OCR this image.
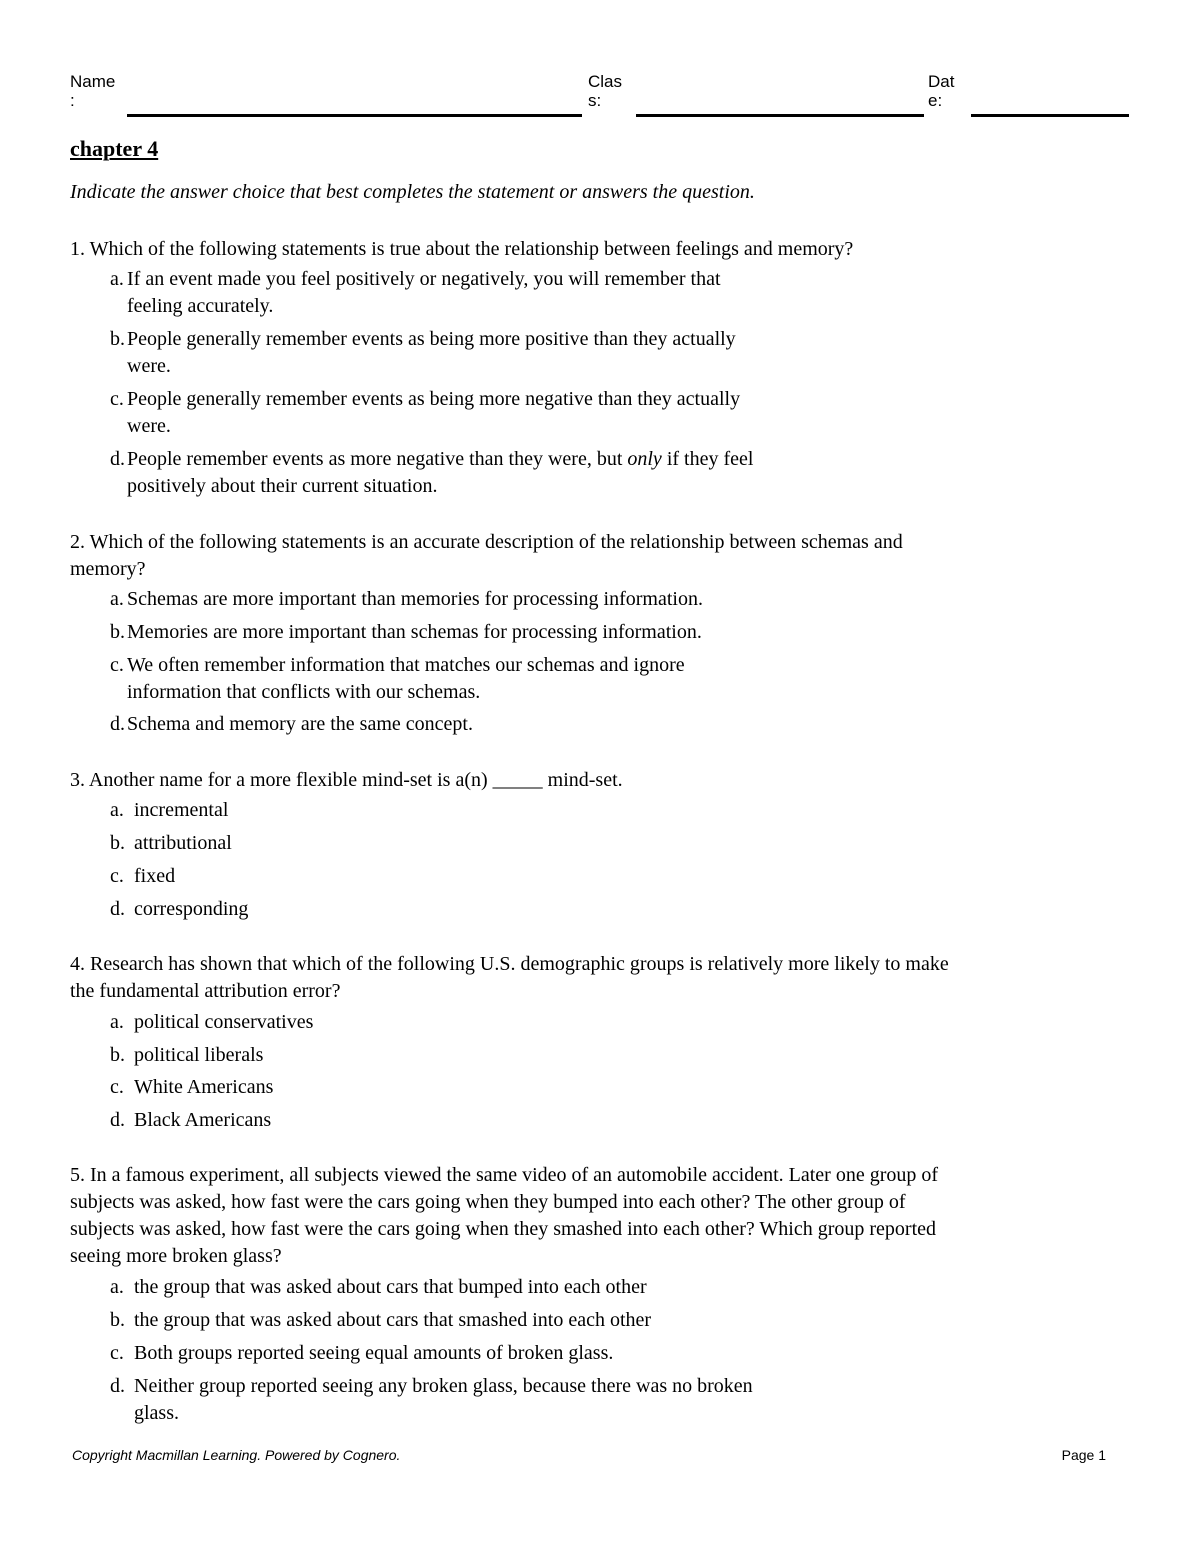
Name
:
Clas
s:
Dat
e:
chapter 4
Indicate the answer choice that best completes the statement or answers the question.
1. Which of the following statements is true about the relationship between feelings and memory?
a. If an event made you feel positively or negatively, you will remember that
feeling accurately.
b. People generally remember events as being more positive than they actually
were.
c. People generally remember events as being more negative than they actually
were.
d. People remember events as more negative than they were, but only if they feel
positively about their current situation.
2. Which of the following statements is an accurate description of the relationship between schemas and
memory?
a. Schemas are more important than memories for processing information.
b. Memories are more important than schemas for processing information.
c. We often remember information that matches our schemas and ignore
information that conflicts with our schemas.
d. Schema and memory are the same concept.
3. Another name for a more flexible mind-set is a(n) _____ mind-set.
a. incremental
b. attributional
c. fixed
d. corresponding
4. Research has shown that which of the following U.S. demographic groups is relatively more likely to make
the fundamental attribution error?
a. political conservatives
b. political liberals
c. White Americans
d. Black Americans
5. In a famous experiment, all subjects viewed the same video of an automobile accident. Later one group of
subjects was asked, how fast were the cars going when they bumped into each other? The other group of
subjects was asked, how fast were the cars going when they smashed into each other? Which group reported
seeing more broken glass?
a. the group that was asked about cars that bumped into each other
b. the group that was asked about cars that smashed into each other
c. Both groups reported seeing equal amounts of broken glass.
d. Neither group reported seeing any broken glass, because there was no broken
glass.
Copyright Macmillan Learning. Powered by Cognero.	Page 1
